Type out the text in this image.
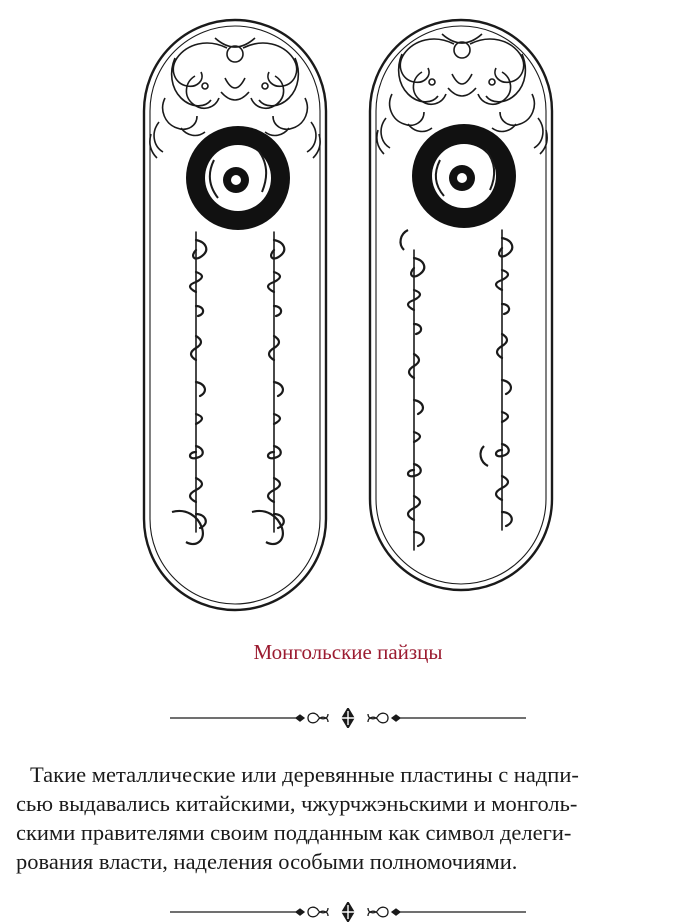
Монгольские пайзцы

Такие металлические или деревянные пластины с надпи-
сью выдавались китайскими, чжурчжэньскими и монголь-
скими правителями своим подданным как символ делеги-
рования власти, наделения особыми полномочиями.
